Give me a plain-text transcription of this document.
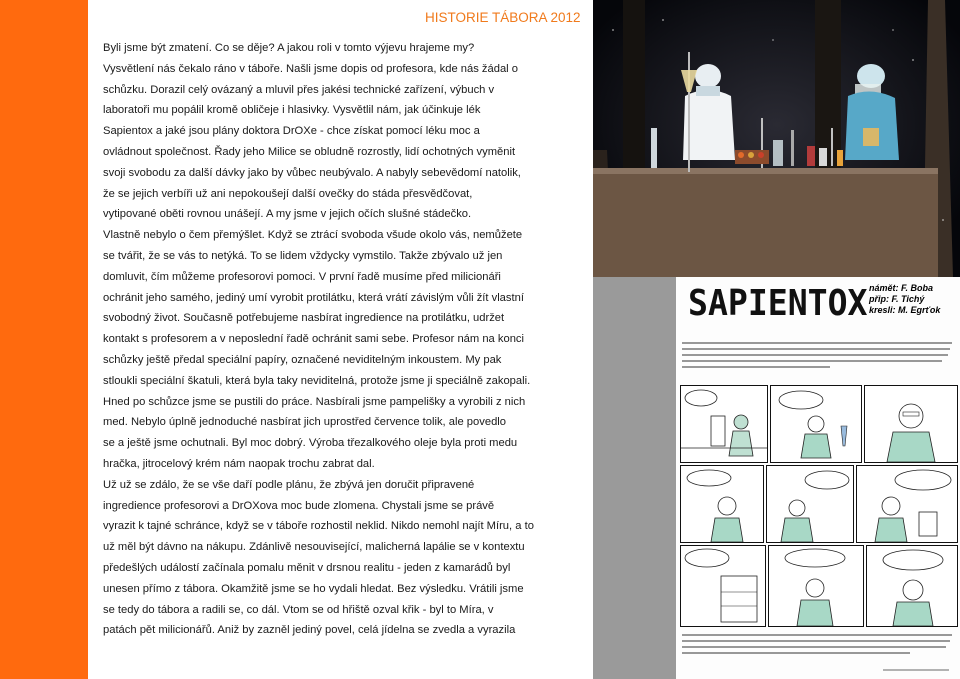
HISTORIE TÁBORA 2012

Byli jsme být zmatení. Co se děje? A jakou roli v tomto výjevu hrajeme my?
Vysvětlení nás čekalo ráno v táboře. Našli jsme dopis od profesora, kde nás žádal o
schůzku. Dorazil celý ovázaný a mluvil přes jakési technické zařízení, výbuch v
laboratoři mu popálil kromě obličeje i hlasivky. Vysvětlil nám, jak účinkuje lék
Sapientox a jaké jsou plány doktora DrOXe - chce získat pomocí léku moc a
ovládnout společnost. Řady jeho Milice se obludně rozrostly, lidí ochotných vyměnit
svoji svobodu za další dávky jako by vůbec neubývalo. A nabyly sebevědomí natolik,
že se jejich verbíři už ani nepokoušejí další ovečky do stáda přesvědčovat,
vytipované oběti rovnou unášejí. A my jsme v jejich očích slušné stádečko.
Vlastně nebylo o čem přemýšlet. Když se ztrácí svoboda všude okolo vás, nemůžete
se tvářit, že se vás to netýká. To se lidem vždycky vymstilo. Takže zbývalo už jen
domluvit, čím můžeme profesorovi pomoci. V první řadě musíme před milicionáři
ochránit jeho samého, jediný umí vyrobit protilátku, která vrátí závislým vůli žít vlastní
svobodný život. Současně potřebujeme nasbírat ingredience na protilátku, udržet
kontakt s profesorem a v neposlední řadě ochránit sami sebe. Profesor nám na konci
schůzky ještě předal speciální papíry, označené neviditelným inkoustem. My pak
stloukli speciální škatuli, která byla taky neviditelná, protože jsme ji speciálně zakopali.
Hned po schůzce jsme se pustili do práce. Nasbírali jsme pampelišky a vyrobili z nich
med. Nebylo úplně jednoduché nasbírat jich uprostřed července tolik, ale povedlo
se a ještě jsme ochutnali. Byl moc dobrý. Výroba třezalkového oleje byla proti medu
hračka, jitrocelový krém nám naopak trochu zabrat dal.
Už už se zdálo, že se vše daří podle plánu, že zbývá jen doručit připravené
ingredience profesorovi a DrOXova moc bude zlomena. Chystali jsme se právě
vyrazit k tajné schránce, když se v táboře rozhostil neklid. Nikdo nemohl najít Míru, a to
už měl být dávno na nákupu. Zdánlivě nesouvisející, malicherná lapálie se v kontextu
předešlých událostí začínala pomalu měnit v drsnou realitu - jeden z kamarádů byl
unesen přímo z tábora. Okamžitě jsme se ho vydali hledat. Bez výsledku. Vrátili jsme
se tedy do tábora a radili se, co dál. Vtom se od hřiště ozval křik - byl to Míra, v
patách pět milicionářů. Aniž by zazněl jediný povel, celá jídelna se zvedla a vyrazila

SAPIENTOX námět: F. Boba
přip: F. Tichý
kresli: M. Egrťok
